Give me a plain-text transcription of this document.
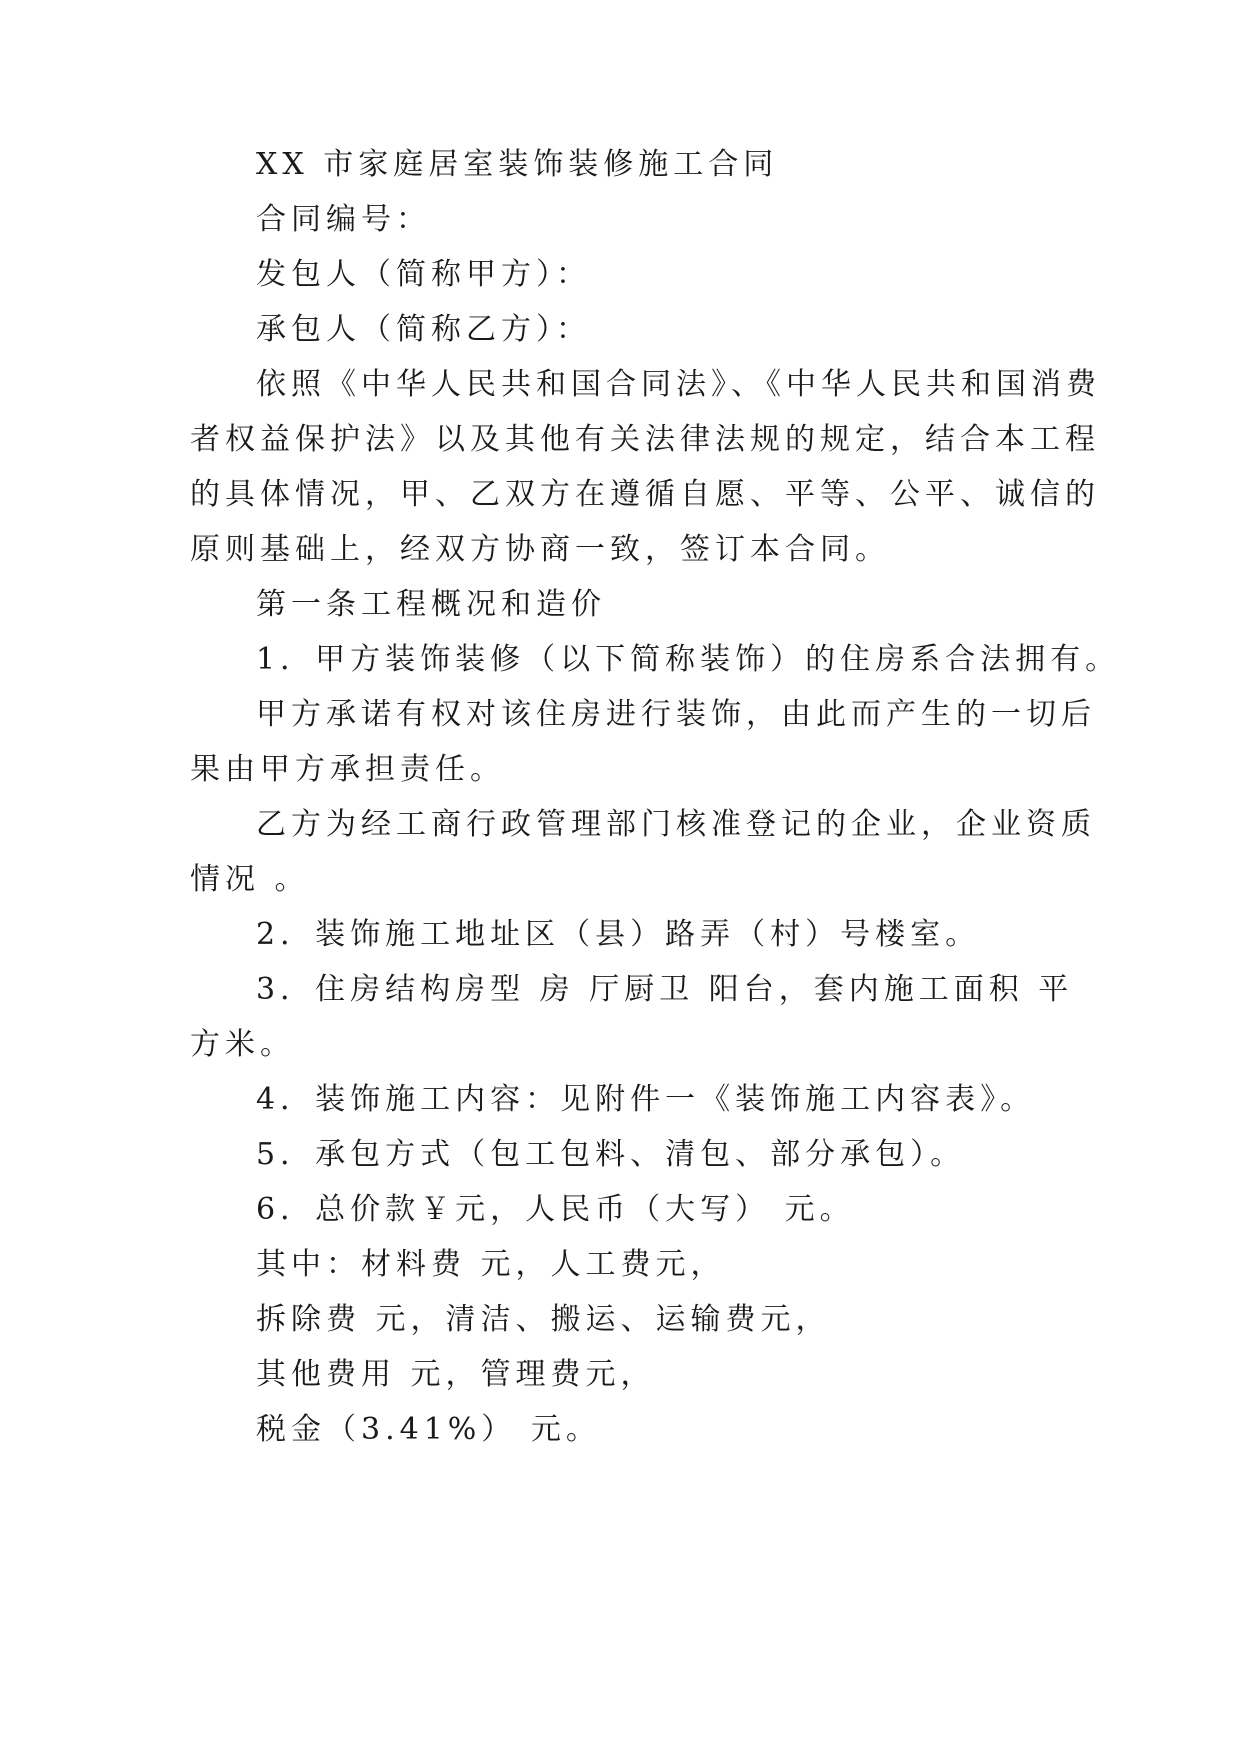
XX 市家庭居室装饰装修施工合同
合同编号：
发包人（简称甲方）：
承包人（简称乙方）：
依照《中华人民共和国合同法》、《中华人民共和国消费
者权益保护法》以及其他有关法律法规的规定，结合本工程
的具体情况，甲、乙双方在遵循自愿、平等、公平、诚信的
原则基础上，经双方协商一致，签订本合同。
第一条工程概况和造价
1．甲方装饰装修（以下简称装饰）的住房系合法拥有。
甲方承诺有权对该住房进行装饰，由此而产生的一切后
果由甲方承担责任。
乙方为经工商行政管理部门核准登记的企业，企业资质
情况 。
2．装饰施工地址区（县）路弄（村）号楼室。
3．住房结构房型 房 厅厨卫 阳台，套内施工面积 平
方米。
4．装饰施工内容：见附件一《装饰施工内容表》。
5．承包方式（包工包料、清包、部分承包）。
6．总价款￥元，人民币（大写） 元。
其中：材料费 元，人工费元，
拆除费 元，清洁、搬运、运输费元，
其他费用 元，管理费元，
税金（3.41%） 元。
